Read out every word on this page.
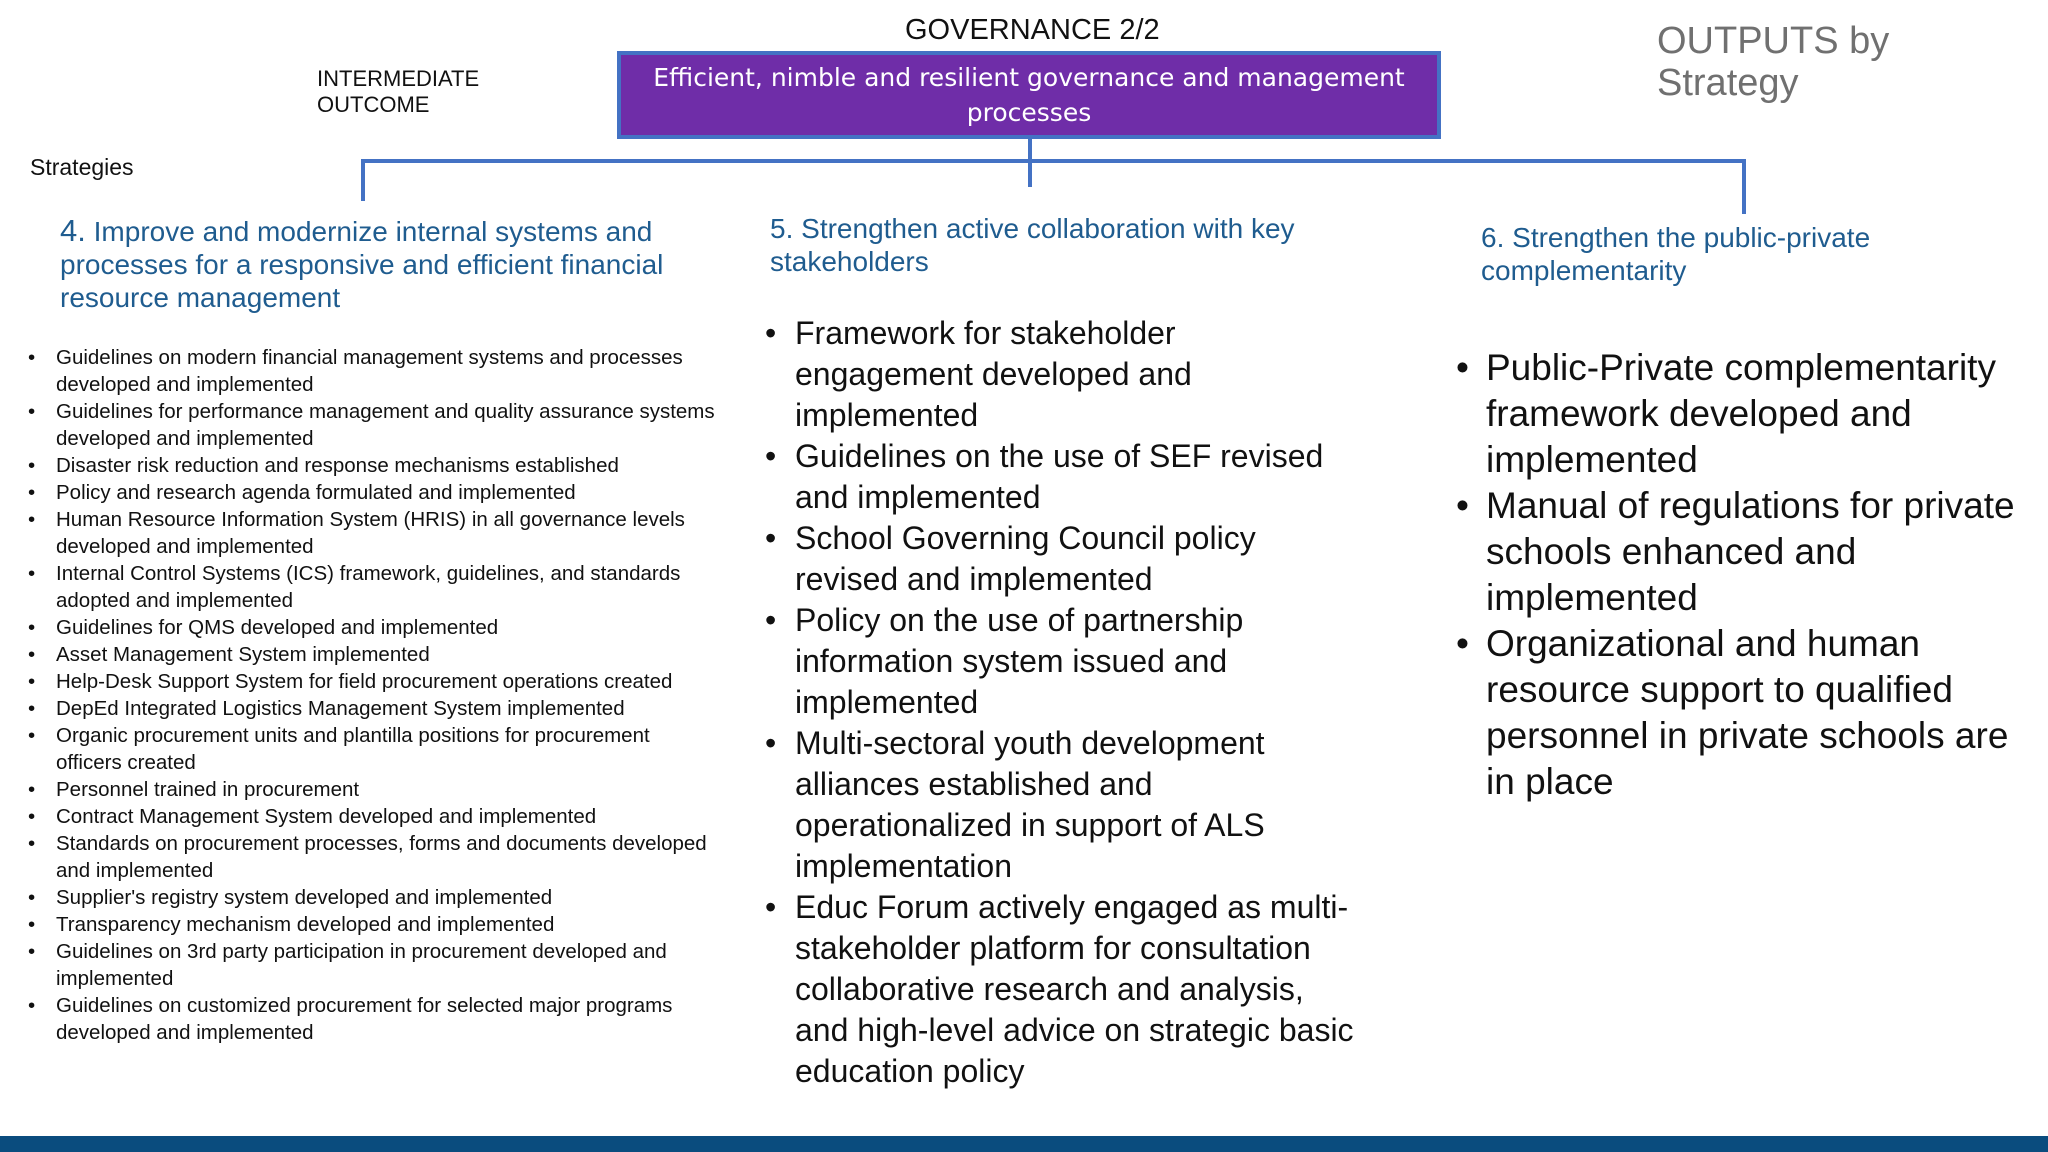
GOVERNANCE 2/2	OUTPUTS by Strategy
INTERMEDIATE OUTCOME
Efficient, nimble and resilient governance and management processes
Strategies
4. Improve and modernize internal systems and processes for a responsive and efficient financial resource management
5. Strengthen active collaboration with key stakeholders
6. Strengthen the public-private complementarity
• Guidelines on modern financial management systems and processes developed and implemented
• Guidelines for performance management and quality assurance systems developed and implemented
• Disaster risk reduction and response mechanisms established
• Policy and research agenda formulated and implemented
• Human Resource Information System (HRIS) in all governance levels developed and implemented
• Internal Control Systems (ICS) framework, guidelines, and standards adopted and implemented
• Guidelines for QMS developed and implemented
• Asset Management System implemented
• Help-Desk Support System for field procurement operations created
• DepEd Integrated Logistics Management System implemented
• Organic procurement units and plantilla positions for procurement officers created
• Personnel trained in procurement
• Contract Management System developed and implemented
• Standards on procurement processes, forms and documents developed and implemented
• Supplier's registry system developed and implemented
• Transparency mechanism developed and implemented
• Guidelines on 3rd party participation in procurement developed and implemented
• Guidelines on customized procurement for selected major programs developed and implemented
• Framework for stakeholder engagement developed and implemented
• Guidelines on the use of SEF revised and implemented
• School Governing Council policy revised and implemented
• Policy on the use of partnership information system issued and implemented
• Multi-sectoral youth development alliances established and operationalized in support of ALS implementation
• Educ Forum actively engaged as multi-stakeholder platform for consultation collaborative research and analysis, and high-level advice on strategic basic education policy
• Public-Private complementarity framework developed and implemented
• Manual of regulations for private schools enhanced and implemented
• Organizational and human resource support to qualified personnel in private schools are in place
